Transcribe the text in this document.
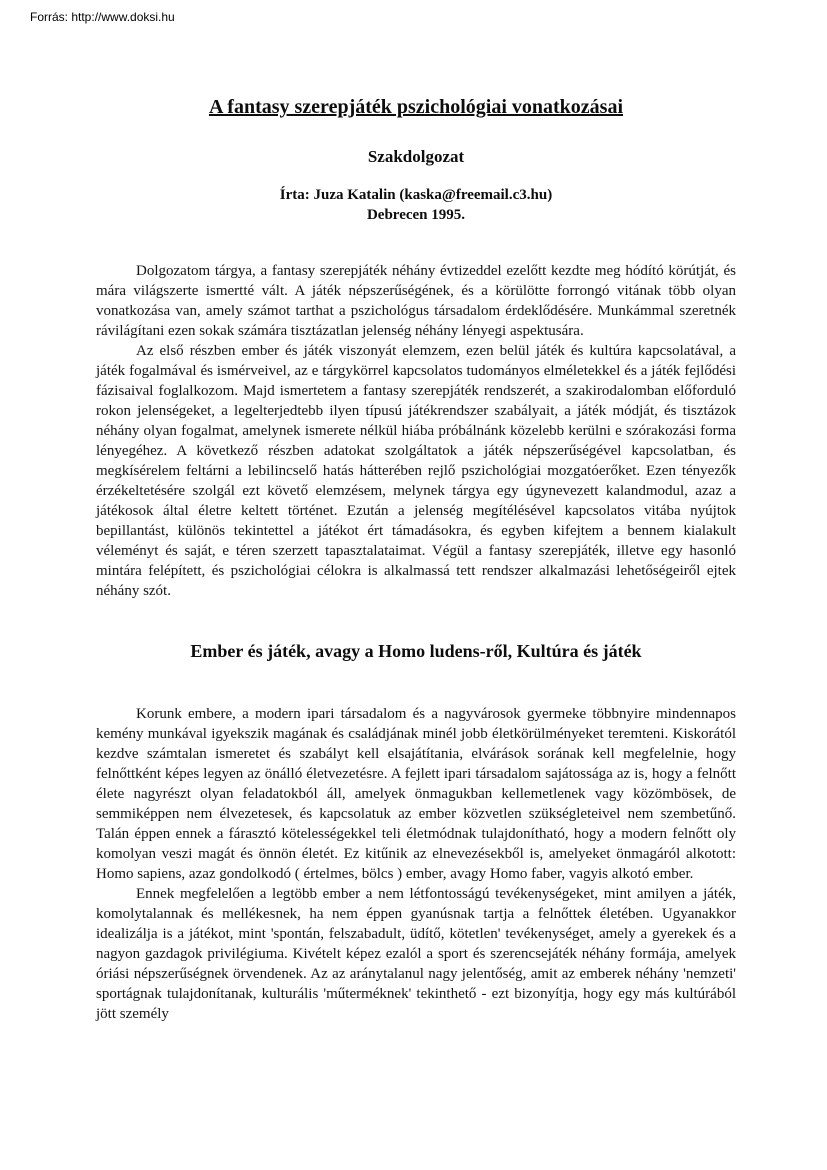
Forrás: http://www.doksi.hu
A fantasy szerepjáték pszichológiai vonatkozásai
Szakdolgozat
Írta: Juza Katalin (kaska@freemail.c3.hu)
Debrecen 1995.

Dolgozatom tárgya, a fantasy szerepjáték néhány évtizeddel ezelőtt kezdte meg hódító körútját, és mára világszerte ismertté vált. A játék népszerűségének, és a körülötte forrongó vitának több olyan vonatkozása van, amely számot tarthat a pszichológus társadalom érdeklődésére. Munkámmal szeretnék rávilágítani ezen sokak számára tisztázatlan jelenség néhány lényegi aspektusára.

Az első részben ember és játék viszonyát elemzem, ezen belül játék és kultúra kapcsolatával, a játék fogalmával és ismérveivel, az e tárgykörrel kapcsolatos tudományos elméletekkel és a játék fejlődési fázisaival foglalkozom. Majd ismertetem a fantasy szerepjáték rendszerét, a szakirodalomban előforduló rokon jelenségeket, a legelterjedtebb ilyen típusú játékrendszer szabályait, a játék módját, és tisztázok néhány olyan fogalmat, amelynek ismerete nélkül hiába próbálnánk közelebb kerülni e szórakozási forma lényegéhez. A következő részben adatokat szolgáltatok a játék népszerűségével kapcsolatban, és megkísérelem feltárni a lebilincselő hatás hátterében rejlő pszichológiai mozgatóerőket. Ezen tényezők érzékeltetésére szolgál ezt követő elemzésem, melynek tárgya egy úgynevezett kalandmodul, azaz a játékosok által életre keltett történet. Ezután a jelenség megítélésével kapcsolatos vitába nyújtok bepillantást, különös tekintettel a játékot ért támadásokra, és egyben kifejtem a bennem kialakult véleményt és saját, e téren szerzett tapasztalataimat. Végül a fantasy szerepjáték, illetve egy hasonló mintára felépített, és pszichológiai célokra is alkalmassá tett rendszer alkalmazási lehetőségeiről ejtek néhány szót.

Ember és játék, avagy a Homo ludens-ről, Kultúra és játék

Korunk embere, a modern ipari társadalom és a nagyvárosok gyermeke többnyire mindennapos kemény munkával igyekszik magának és családjának minél jobb életkörülményeket teremteni. Kiskorától kezdve számtalan ismeretet és szabályt kell elsajátítania, elvárások sorának kell megfelelnie, hogy felnőttként képes legyen az önálló életvezetésre. A fejlett ipari társadalom sajátossága az is, hogy a felnőtt élete nagyrészt olyan feladatokból áll, amelyek önmagukban kellemetlenek vagy közömbösek, de semmiképpen nem élvezetesek, és kapcsolatuk az ember közvetlen szükségleteivel nem szembetűnő. Talán éppen ennek a fárasztó kötelességekkel teli életmódnak tulajdonítható, hogy a modern felnőtt oly komolyan veszi magát és önnön életét. Ez kitűnik az elnevezésekből is, amelyeket önmagáról alkotott: Homo sapiens, azaz gondolkodó ( értelmes, bölcs ) ember, avagy Homo faber, vagyis alkotó ember.

Ennek megfelelően a legtöbb ember a nem létfontosságú tevékenységeket, mint amilyen a játék, komolytalannak és mellékesnek, ha nem éppen gyanúsnak tartja a felnőttek életében. Ugyanakkor idealizálja is a játékot, mint 'spontán, felszabadult, üdítő, kötetlen' tevékenységet, amely a gyerekek és a nagyon gazdagok privilégiuma. Kivételt képez ezalól a sport és szerencsejáték néhány formája, amelyek óriási népszerűségnek örvendenek. Az az aránytalanul nagy jelentőség, amit az emberek néhány 'nemzeti' sportágnak tulajdonítanak, kulturális 'műterméknek' tekinthető - ezt bizonyítja, hogy egy más kultúrából jött személy
